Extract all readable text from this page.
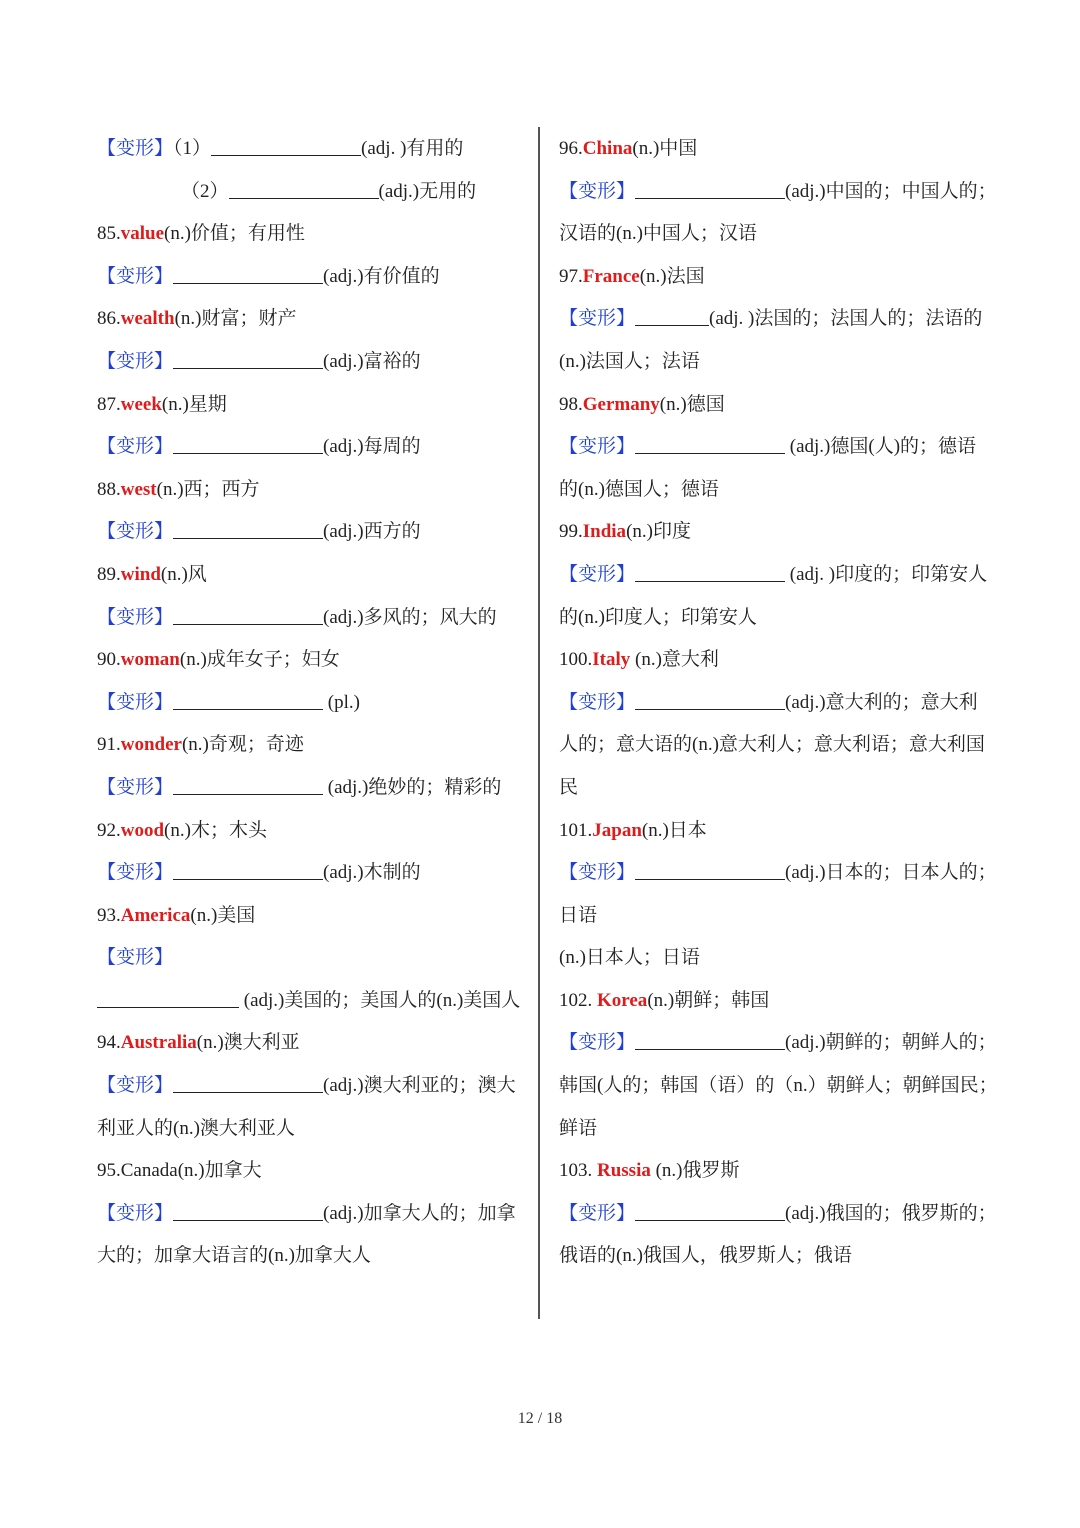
【变形】（1）	(adj. )有用的
（2）	(adj.)无用的
85.value(n.)价值；有用性
【变形】	(adj.)有价值的
86.wealth(n.)财富；财产
【变形】	(adj.)富裕的
87.week(n.)星期
【变形】	(adj.)每周的
88.west(n.)西；西方
【变形】	(adj.)西方的
89.wind(n.)风
【变形】	(adj.)多风的；风大的
90.woman(n.)成年女子；妇女
【变形】	(pl.)
91.wonder(n.)奇观；奇迹
【变形】	(adj.)绝妙的；精彩的
92.wood(n.)木；木头
【变形】	(adj.)木制的
93.America(n.)美国
【变形】
(adj.)美国的；美国人的(n.)美国人
94.Australia(n.)澳大利亚
【变形】	(adj.)澳大利亚的；澳大
利亚人的(n.)澳大利亚人
95.Canada(n.)加拿大
【变形】	(adj.)加拿大人的；加拿
大的；加拿大语言的(n.)加拿大人
96.China(n.)中国
【变形】	(adj.)中国的；中国人的；
汉语的(n.)中国人；汉语
97.France(n.)法国
【变形】	(adj. )法国的；法国人的；法语的
(n.)法国人；法语
98.Germany(n.)德国
【变形】	(adj.)德国(人)的；德语
的(n.)德国人；德语
99.India(n.)印度
【变形】	(adj. )印度的；印第安人
的(n.)印度人；印第安人
100.Italy (n.)意大利
【变形】	(adj.)意大利的；意大利
人的；意大语的(n.)意大利人；意大利语；意大利国
民
101.Japan(n.)日本
【变形】	(adj.)日本的；日本人的；
日语
(n.)日本人；日语
102. Korea(n.)朝鲜；韩国
【变形】	(adj.)朝鲜的；朝鲜人的；
韩国(人的；韩国（语）的（n.）朝鲜人；朝鲜国民；
鲜语
103. Russia (n.)俄罗斯
【变形】	(adj.)俄国的；俄罗斯的；
俄语的(n.)俄国人，俄罗斯人；俄语
12 / 18
